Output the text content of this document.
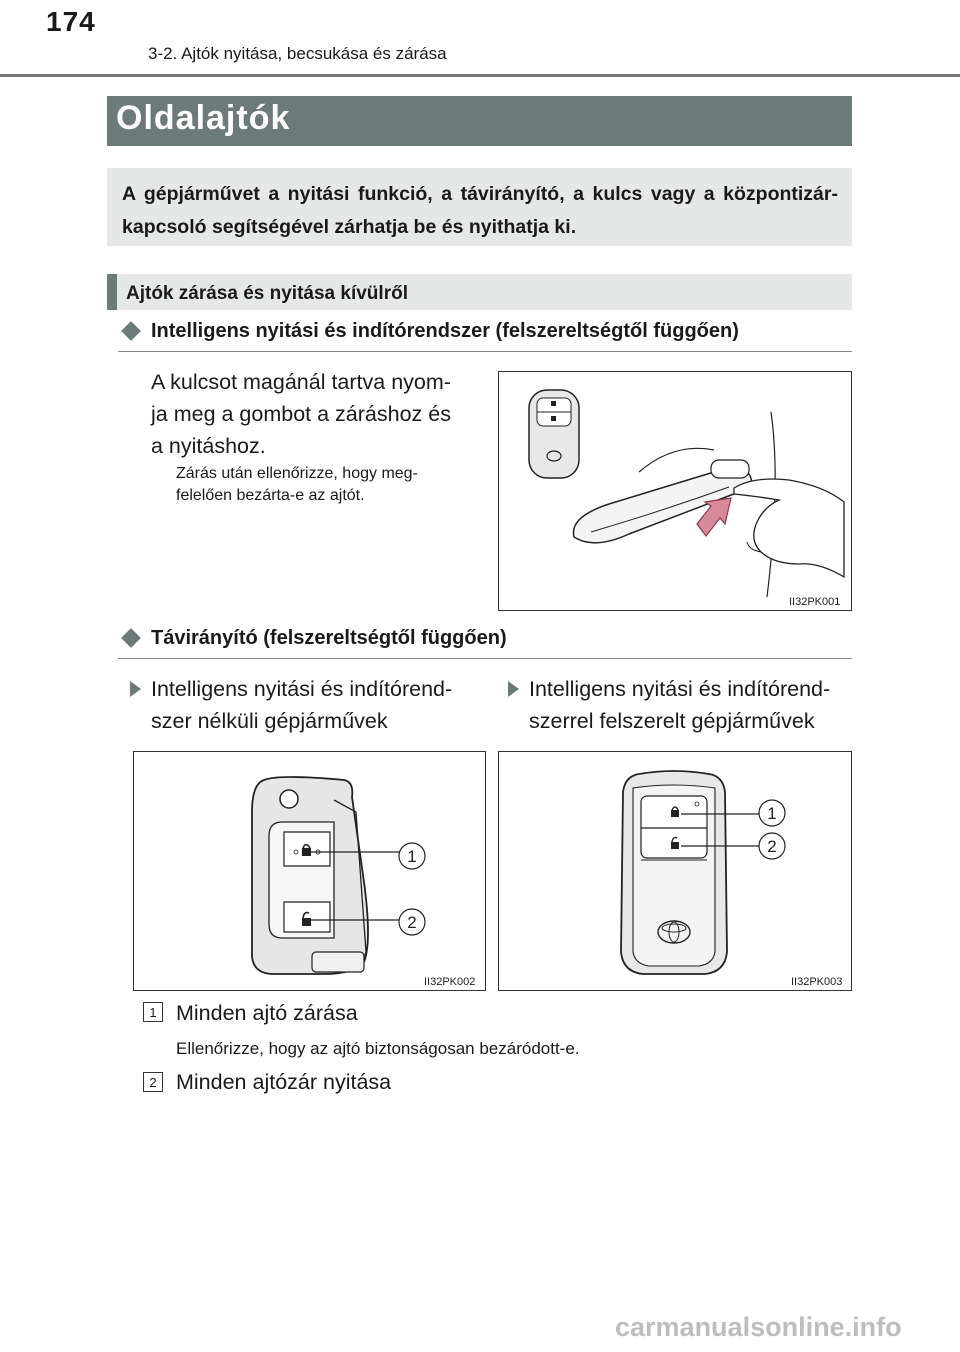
174
3-2. Ajtók nyitása, becsukása és zárása
Oldalajtók
A gépjárművet a nyitási funkció, a távirányító, a kulcs vagy a központizár-kapcsoló segítségével zárhatja be és nyithatja ki.
Ajtók zárása és nyitása kívülről
Intelligens nyitási és indítórendszer (felszereltségtől függően)
A kulcsot magánál tartva nyom-
ja meg a gombot a záráshoz és
a nyitáshoz.
Zárás után ellenőrizze, hogy meg-
felelően bezárta-e az ajtót.
II32PK001
Távirányító (felszereltségtől függően)
Intelligens nyitási és indítórend-
szer nélküli gépjárművek
Intelligens nyitási és indítórend-
szerrel felszerelt gépjárművek
1
2
II32PK002
1
2
II32PK003
1 Minden ajtó zárása
Ellenőrizze, hogy az ajtó biztonságosan bezáródott-e.
2 Minden ajtózár nyitása
carmanualsonline.info
